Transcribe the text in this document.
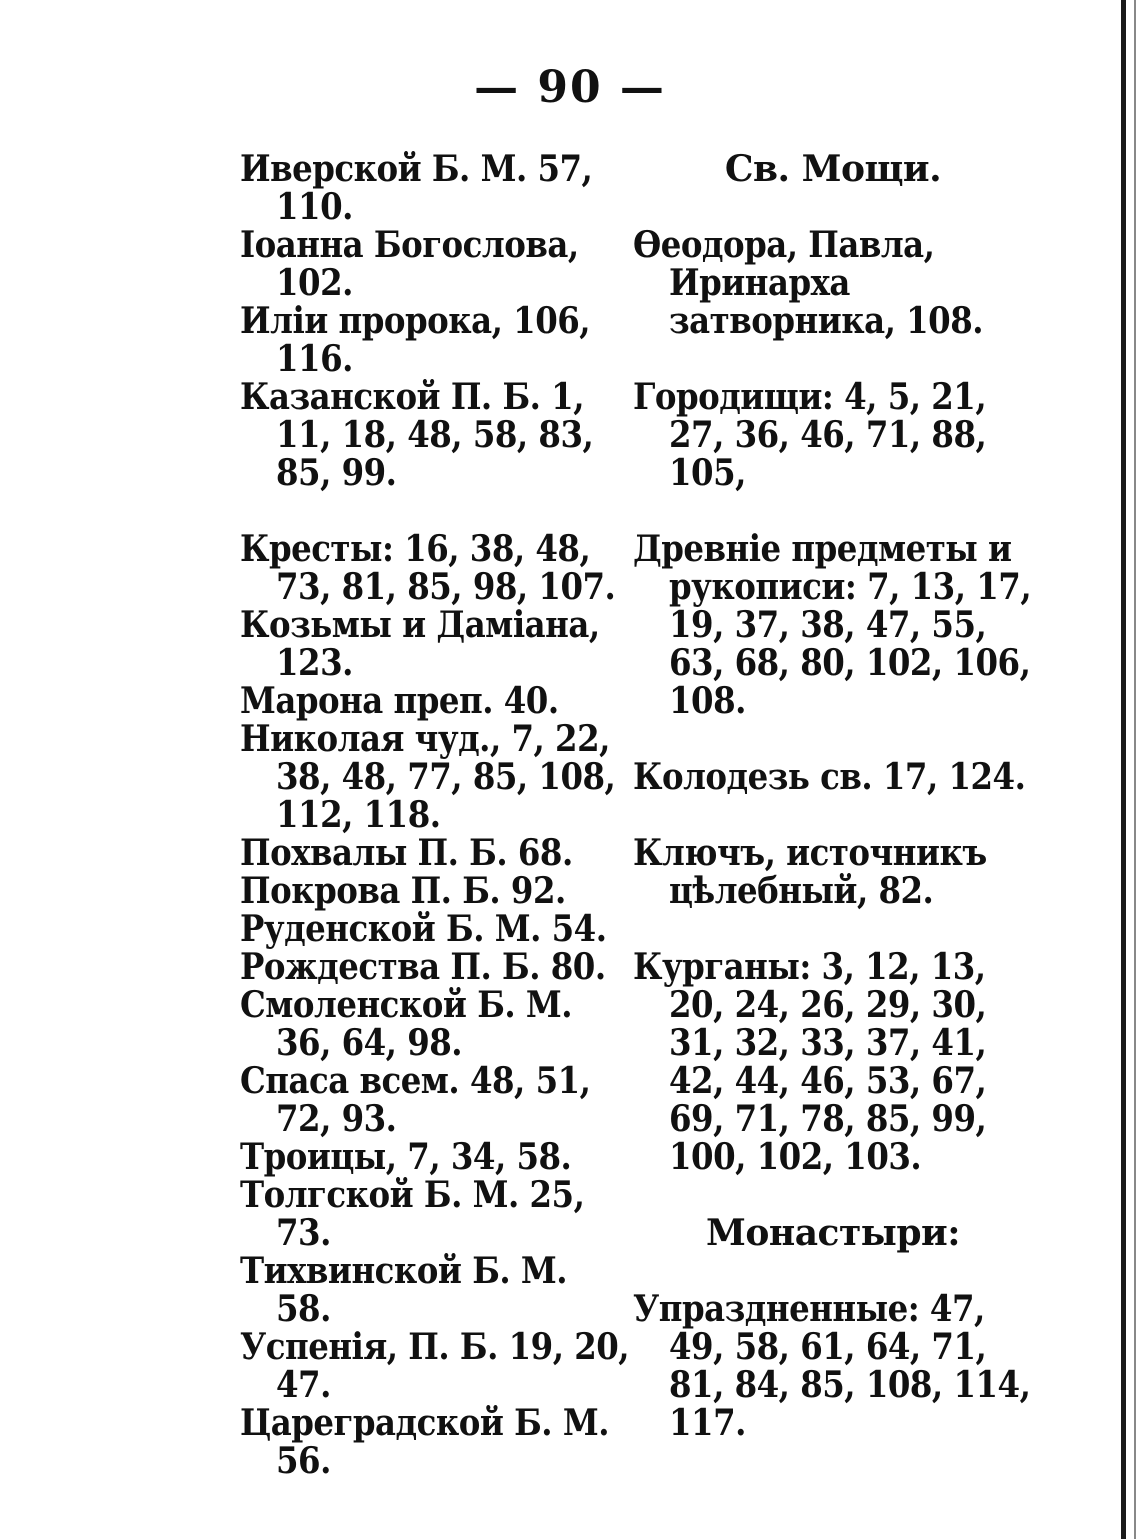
— 90 —
Иверской Б. М. 57, 110.
Іоанна Богослова, 102.
Иліи пророка, 106, 116.
Казанской П. Б. 1, 11, 18, 48, 58, 83, 85, 99.
Кресты: 16, 38, 48, 73, 81, 85, 98, 107.
Козьмы и Даміана, 123.
Марона преп. 40.
Николая чуд., 7, 22, 38, 48, 77, 85, 108, 112, 118.
Похвалы П. Б. 68.
Покрова П. Б. 92.
Руденской Б. М. 54.
Рождества П. Б. 80.
Смоленской Б. М. 36, 64, 98.
Спаса всем. 48, 51, 72, 93.
Троицы, 7, 34, 58.
Толгской Б. М. 25, 73.
Тихвинской Б. М. 58.
Успенія, П. Б. 19, 20, 47.
Цареградской Б. М. 56.
Св. Мощи.
Өеодора, Павла, Иринарха затворника, 108.
Городищи: 4, 5, 21, 27, 36, 46, 71, 88, 105,
Древніе предметы и рукописи: 7, 13, 17, 19, 37, 38, 47, 55, 63, 68, 80, 102, 106, 108.
Колодезь св. 17, 124.
Ключъ, источникъ цѣлебный, 82.
Курганы: 3, 12, 13, 20, 24, 26, 29, 30, 31, 32, 33, 37, 41, 42, 44, 46, 53, 67, 69, 71, 78, 85, 99, 100, 102, 103.
Монастыри:
Упраздненные: 47, 49, 58, 61, 64, 71, 81, 84, 85, 108, 114, 117.
